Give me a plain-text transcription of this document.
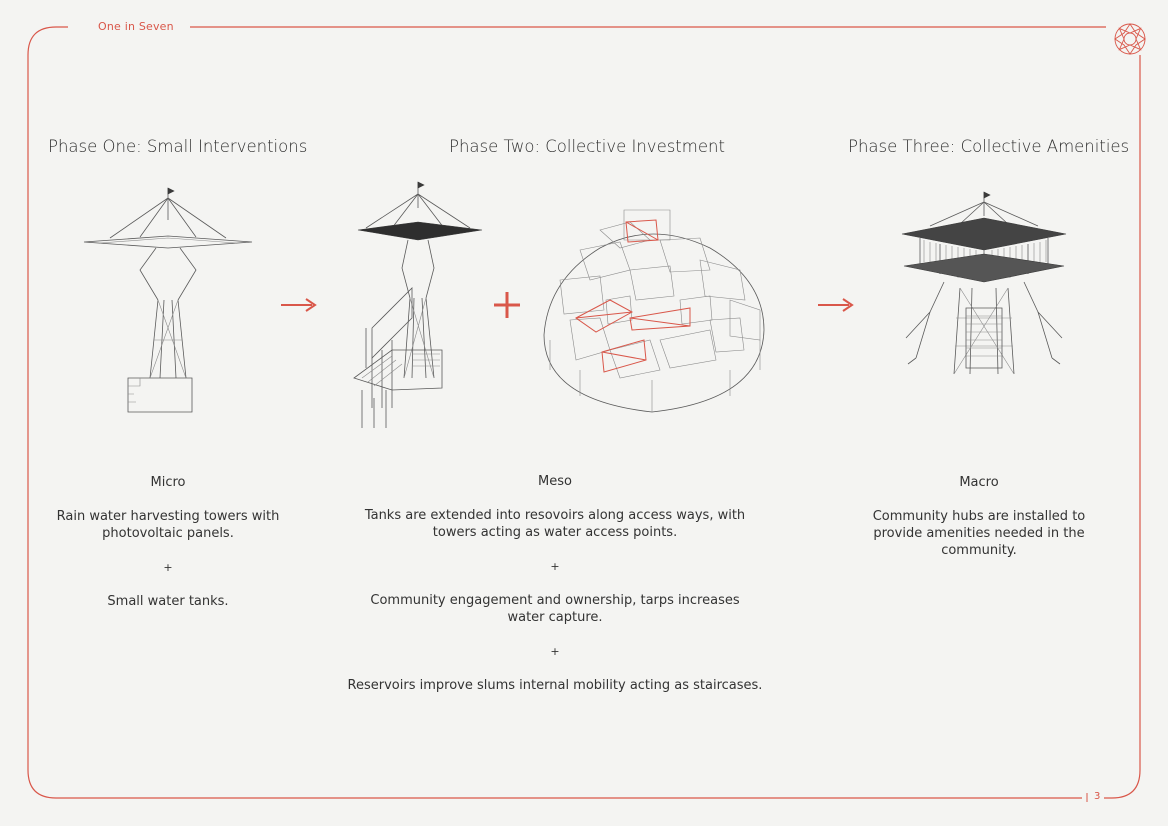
One in Seven
3
Phase One: Small Interventions	Phase Two: Collective Investment	Phase Three: Collective Amenities
Micro
Rain water harvesting towers with photovoltaic panels.
+
Small water tanks.
Meso
Tanks are extended into resovoirs along access ways, with towers acting as water access points.
+
Community engagement and ownership, tarps increases water capture.
+
Reservoirs improve slums internal mobility acting as staircases.
Macro
Community hubs are installed to provide amenities needed in the community.
